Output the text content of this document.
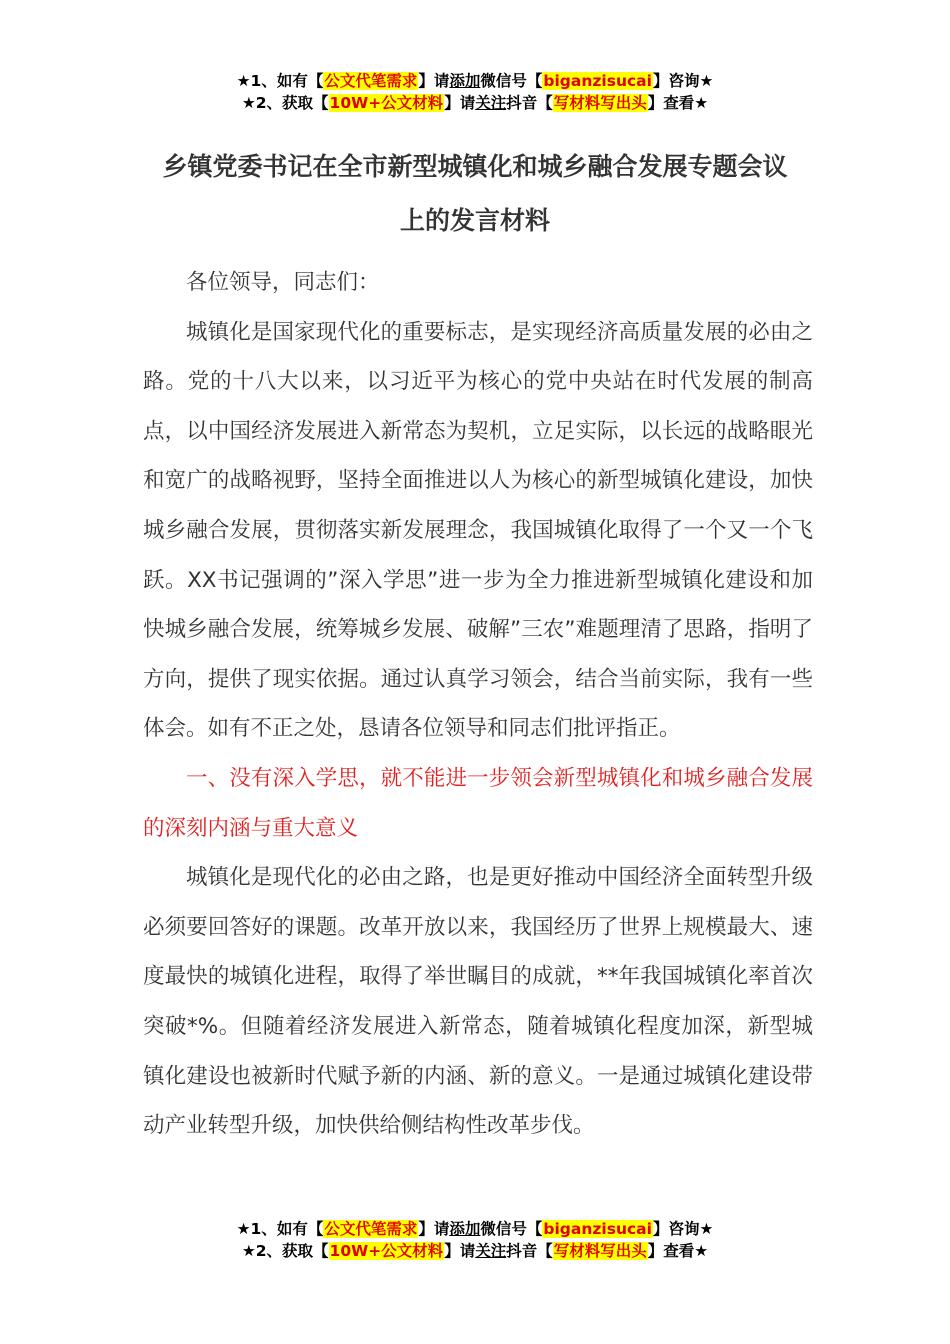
★1、如有【公文代笔需求】请添加微信号【biganzisucai】咨询★
★2、获取【10W+公文材料】请关注抖音【写材料写出头】查看★
乡镇党委书记在全市新型城镇化和城乡融合发展专题会议
上的发言材料

各位领导，同志们：

城镇化是国家现代化的重要标志，是实现经济高质量发展的必由之路。党的十八大以来，以习近平为核心的党中央站在时代发展的制高点，以中国经济发展进入新常态为契机，立足实际，以长远的战略眼光和宽广的战略视野，坚持全面推进以人为核心的新型城镇化建设，加快城乡融合发展，贯彻落实新发展理念，我国城镇化取得了一个又一个飞跃。XX书记强调的”深入学思”进一步为全力推进新型城镇化建设和加快城乡融合发展，统筹城乡发展、破解”三农”难题理清了思路，指明了方向，提供了现实依据。通过认真学习领会，结合当前实际，我有一些体会。如有不正之处，恳请各位领导和同志们批评指正。

一、没有深入学思，就不能进一步领会新型城镇化和城乡融合发展的深刻内涵与重大意义

城镇化是现代化的必由之路，也是更好推动中国经济全面转型升级必须要回答好的课题。改革开放以来，我国经历了世界上规模最大、速度最快的城镇化进程，取得了举世瞩目的成就，**年我国城镇化率首次突破*%。但随着经济发展进入新常态，随着城镇化程度加深，新型城镇化建设也被新时代赋予新的内涵、新的意义。一是通过城镇化建设带动产业转型升级，加快供给侧结构性改革步伐。

★1、如有【公文代笔需求】请添加微信号【biganzisucai】咨询★
★2、获取【10W+公文材料】请关注抖音【写材料写出头】查看★
